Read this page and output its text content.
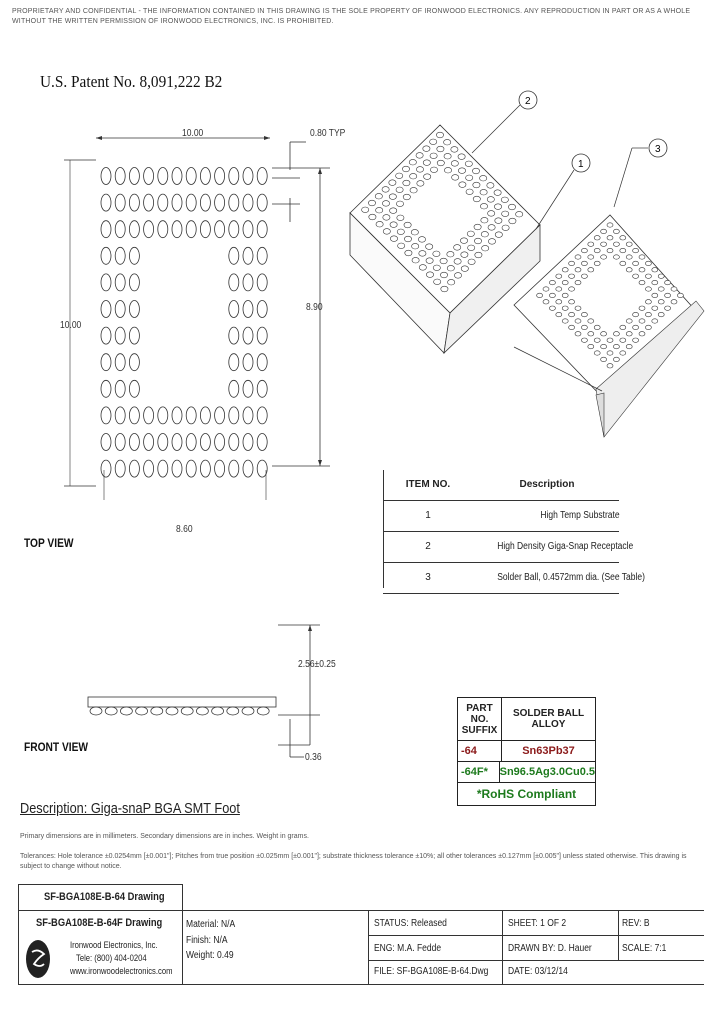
PROPRIETARY AND CONFIDENTIAL - THE INFORMATION CONTAINED IN THIS DRAWING IS THE SOLE PROPERTY OF IRONWOOD ELECTRONICS. ANY REPRODUCTION IN PART OR AS A WHOLE
WITHOUT THE WRITTEN PERMISSION OF IRONWOOD ELECTRONICS, INC. IS PROHIBITED.
U.S. Patent No. 8,091,222 B2
10.00	0.80 TYP
10.00
8.90
8.60
TOP VIEW
2.56±0.25
0.36
FRONT VIEW
2
1
3
ITEM NO.	Description
1	High Temp Substrate
2	High Density Giga-Snap Receptacle
3	Solder Ball, 0.4572mm dia. (See Table)
PART NO. SUFFIX
SOLDER BALL ALLOY
-64	Sn63Pb37
-64F*	Sn96.5Ag3.0Cu0.5
*RoHS Compliant
Description: Giga-snaP BGA SMT Foot
Primary dimensions are in millimeters. Secondary dimensions are in inches. Weight in grams.
Tolerances: Hole tolerance ±0.0254mm [±0.001"]; Pitches from true position ±0.025mm [±0.001"]; substrate thickness tolerance ±10%; all other tolerances ±0.127mm [±0.005"] unless stated otherwise. This drawing is subject to change without notice.
SF-BGA108E-B-64 Drawing
SF-BGA108E-B-64F Drawing
Ironwood Electronics, Inc.
Tele: (800) 404-0204
www.ironwoodelectronics.com
Material: N/A
Finish: N/A
Weight: 0.49
STATUS: Released	SHEET: 1 OF 2	REV: B
ENG: M.A. Fedde	DRAWN BY: D. Hauer	SCALE: 7:1
FILE: SF-BGA108E-B-64.Dwg DATE: 03/12/14
